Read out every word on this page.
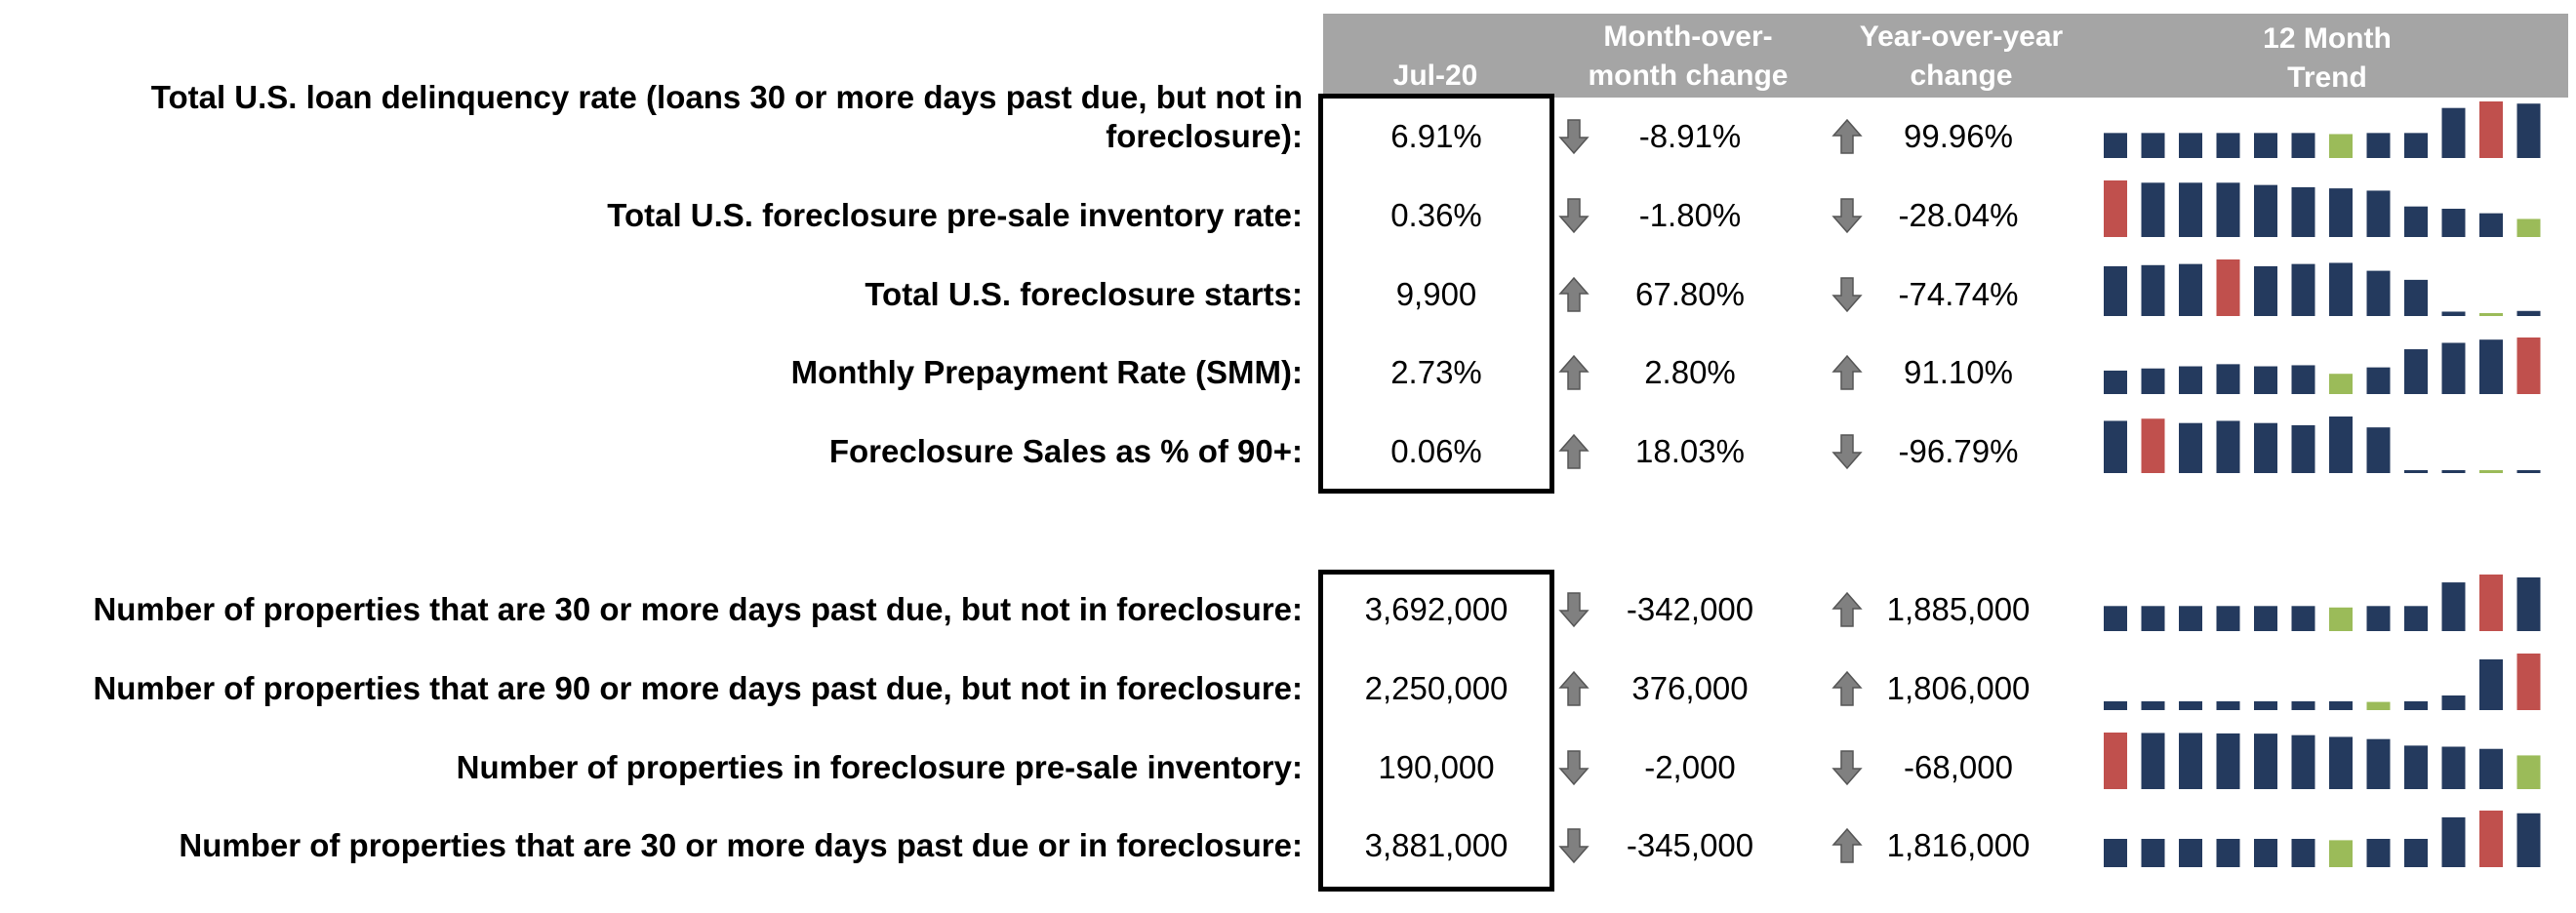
Jul-20
Month-over-
month change
Year-over-year
change
12 Month
Trend
Total U.S. loan delinquency rate (loans 30 or more days past due, but not in
foreclosure):	6.91%	-8.91%	99.96%
Total U.S. foreclosure pre-sale inventory rate:	0.36%	-1.80%	-28.04%
Total U.S. foreclosure starts:	9,900	67.80%	-74.74%
Monthly Prepayment Rate (SMM):	2.73%	2.80%	91.10%
Foreclosure Sales as % of 90+:	0.06%	18.03%	-96.79%
Number of properties that are 30 or more days past due, but not in foreclosure:	3,692,000	-342,000	1,885,000
Number of properties that are 90 or more days past due, but not in foreclosure:	2,250,000	376,000	1,806,000
Number of properties in foreclosure pre-sale inventory:	190,000	-2,000	-68,000
Number of properties that are 30 or more days past due or in foreclosure:	3,881,000	-345,000	1,816,000
